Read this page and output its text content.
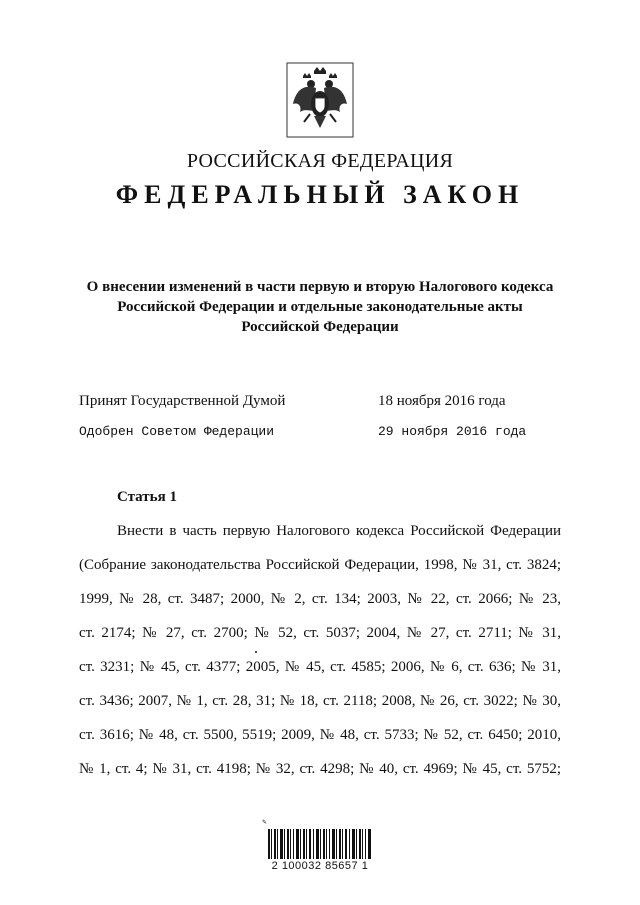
РОССИЙСКАЯ ФЕДЕРАЦИЯ
ФЕДЕРАЛЬНЫЙ ЗАКОН
О внесении изменений в части первую и вторую Налогового кодекса
Российской Федерации и отдельные законодательные акты
Российской Федерации
Принят Государственной Думой	18 ноября 2016 года
Одобрен Советом Федерации	29 ноября 2016 года
Статья 1
Внести в часть первую Налогового кодекса Российской Федерации
(Собрание законодательства Российской Федерации, 1998, № 31, ст. 3824;
1999, № 28, ст. 3487; 2000, № 2, ст. 134; 2003, № 22, ст. 2066; № 23,
ст. 2174; № 27, ст. 2700; № 52, ст. 5037; 2004, № 27, ст. 2711; № 31,
ст. 3231; № 45, ст. 4377; 2005, № 45, ст. 4585; 2006, № 6, ст. 636; № 31,
ст. 3436; 2007, № 1, ст. 28, 31; № 18, ст. 2118; 2008, № 26, ст. 3022; № 30,
ст. 3616; № 48, ст. 5500, 5519; 2009, № 48, ст. 5733; № 52, ст. 6450; 2010,
№ 1, ст. 4; № 31, ст. 4198; № 32, ст. 4298; № 40, ст. 4969; № 45, ст. 5752;
✎
2 100032 85657 1
